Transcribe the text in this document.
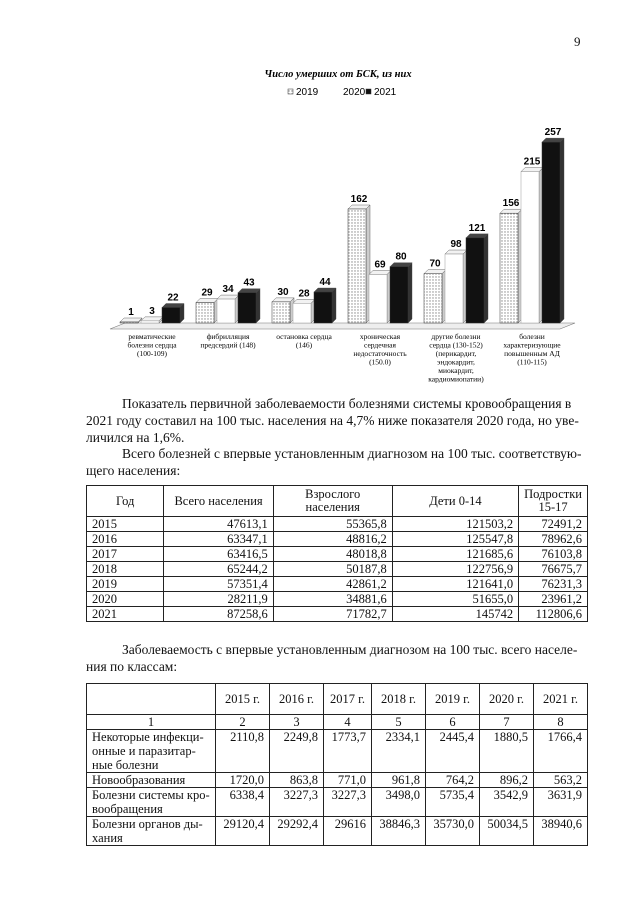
9
Число умерших от БСК, из них
2019 2020 2021
1 3
22
ревматические болезни сердца (100-109)
29 34
43
фибрилляция предсердий (148)
30 28
44
остановка сердца (146)
162
69
80
хроническая сердечная недостаточность (150.0)
70
98
121
другие болезни сердца (130-152) (перикардит, эндокардит, миокардит, кардиомиопатии)
156
215
257
болезни характеризующие повышенным АД (110-115)
Показатель первичной заболеваемости болезнями системы кровообращения в
2021 году составил на 100 тыс. населения на 4,7% ниже показателя 2020 года, но уве-
личился на 1,6%.
Всего болезней с впервые установленным диагнозом на 100 тыс. соответствую-
щего населения:
Год	Всего населения	Взрослого населения	Дети 0-14	Подростки 15-17
2015	47613,1	55365,8	121503,2	72491,2
2016	63347,1	48816,2	125547,8	78962,6
2017	63416,5	48018,8	121685,6	76103,8
2018	65244,2	50187,8	122756,9	76675,7
2019	57351,4	42861,2	121641,0	76231,3
2020	28211,9	34881,6	51655,0	23961,2
2021	87258,6	71782,7	145742	112806,6
Заболеваемость с впервые установленным диагнозом на 100 тыс. всего населе-
ния по классам:
	2015 г.	2016 г.	2017 г.	2018 г.	2019 г.	2020 г.	2021 г.
1	2	3	4	5	6	7	8
Некоторые инфекци-онные и паразитар-ные болезни	2110,8	2249,8	1773,7	2334,1	2445,4	1880,5	1766,4
Новообразования	1720,0	863,8	771,0	961,8	764,2	896,2	563,2
Болезни системы кро-вообращения	6338,4	3227,3	3227,3	3498,0	5735,4	3542,9	3631,9
Болезни органов ды-хания	29120,4	29292,4	29616	38846,3	35730,0	50034,5	38940,6
